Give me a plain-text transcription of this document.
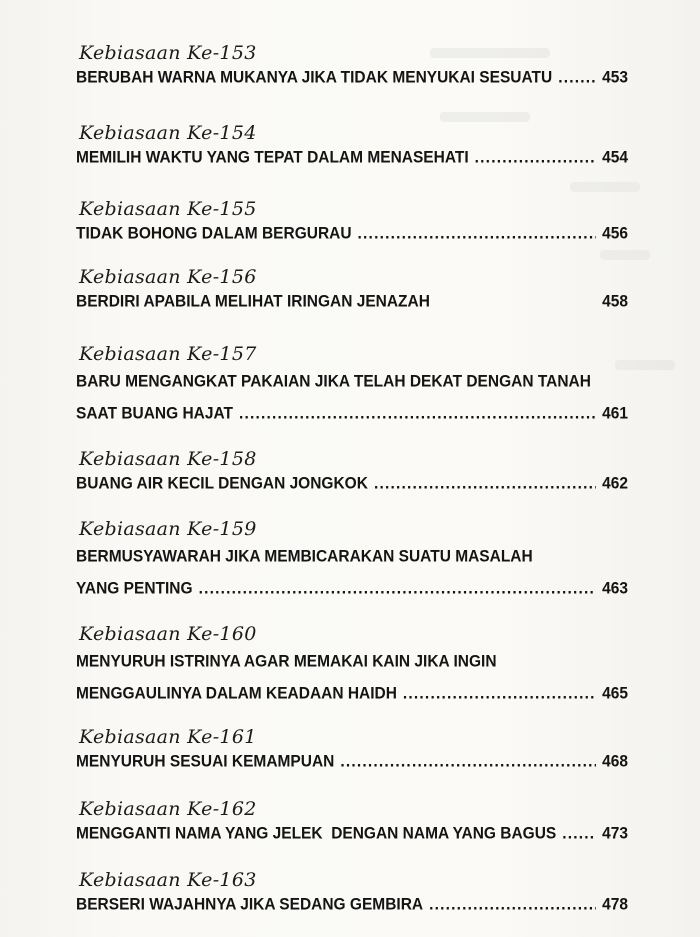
Kebiasaan Ke-153
BERUBAH WARNA MUKANYA JIKA TIDAK MENYUKAI SESUATU .....	453
Kebiasaan Ke-154
MEMILIH WAKTU YANG TEPAT DALAM MENASEHATI .....	454
Kebiasaan Ke-155
TIDAK BOHONG DALAM BERGURAU .....	456
Kebiasaan Ke-156
BERDIRI APABILA MELIHAT IRINGAN JENAZAH	458
Kebiasaan Ke-157
BARU MENGANGKAT PAKAIAN JIKA TELAH DEKAT DENGAN TANAH
SAAT BUANG HAJAT .....	461
Kebiasaan Ke-158
BUANG AIR KECIL DENGAN JONGKOK .....	462
Kebiasaan Ke-159
BERMUSYAWARAH JIKA MEMBICARAKAN SUATU MASALAH
YANG PENTING .....	463
Kebiasaan Ke-160
MENYURUH ISTRINYA AGAR MEMAKAI KAIN JIKA INGIN
MENGGAULINYA DALAM KEADAAN HAIDH .....	465
Kebiasaan Ke-161
MENYURUH SESUAI KEMAMPUAN .....	468
Kebiasaan Ke-162
MENGGANTI NAMA YANG JELEK  DENGAN NAMA YANG BAGUS .....	473
Kebiasaan Ke-163
BERSERI WAJAHNYA JIKA SEDANG GEMBIRA .....	478
